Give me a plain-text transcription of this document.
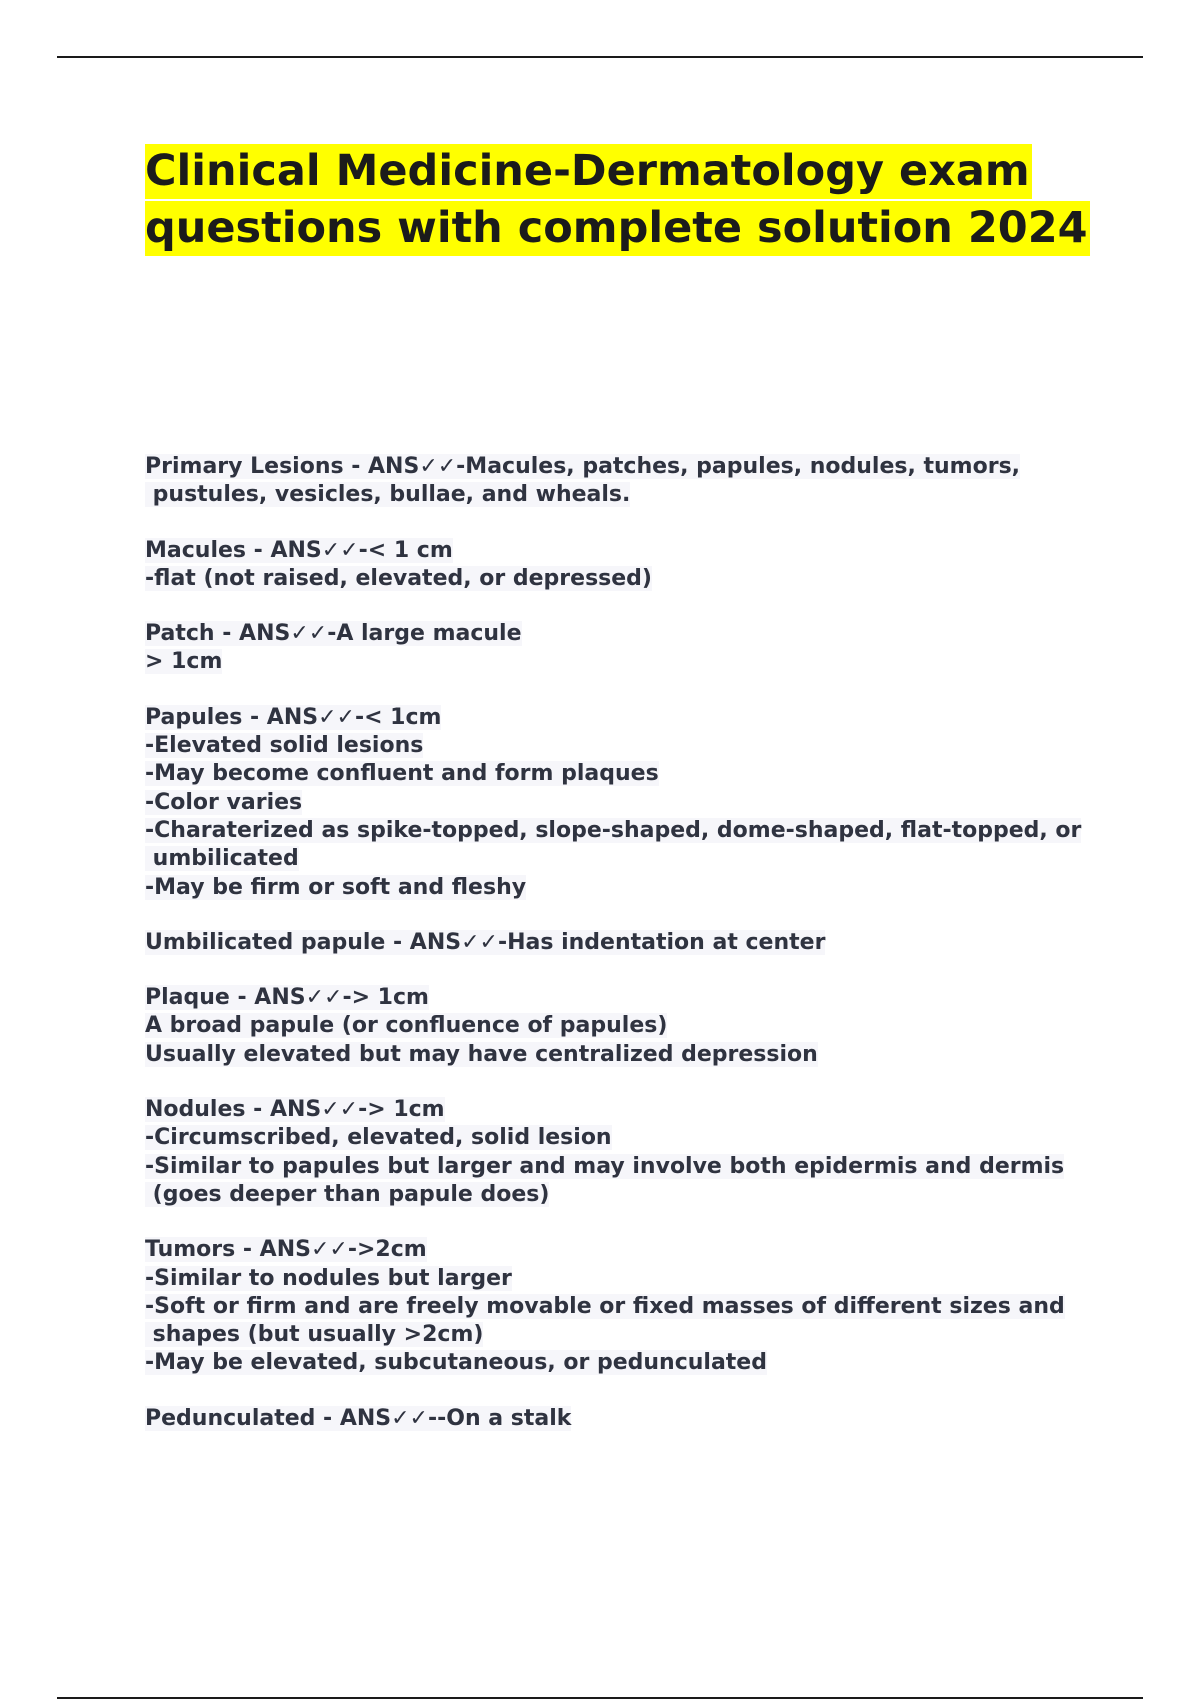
Clinical Medicine-Dermatology exam
questions with complete solution 2024
Primary Lesions - ANS✓✓-Macules, patches, papules, nodules, tumors,
pustules, vesicles, bullae, and wheals.
Macules - ANS✓✓-< 1 cm
-flat (not raised, elevated, or depressed)
Patch - ANS✓✓-A large macule
> 1cm
Papules - ANS✓✓-< 1cm
-Elevated solid lesions
-May become confluent and form plaques
-Color varies
-Charaterized as spike-topped, slope-shaped, dome-shaped, flat-topped, or
umbilicated
-May be firm or soft and fleshy
Umbilicated papule - ANS✓✓-Has indentation at center
Plaque - ANS✓✓-> 1cm
A broad papule (or confluence of papules)
Usually elevated but may have centralized depression
Nodules - ANS✓✓-> 1cm
-Circumscribed, elevated, solid lesion
-Similar to papules but larger and may involve both epidermis and dermis
(goes deeper than papule does)
Tumors - ANS✓✓->2cm
-Similar to nodules but larger
-Soft or firm and are freely movable or fixed masses of different sizes and
shapes (but usually >2cm)
-May be elevated, subcutaneous, or pedunculated
Pedunculated - ANS✓✓--On a stalk
